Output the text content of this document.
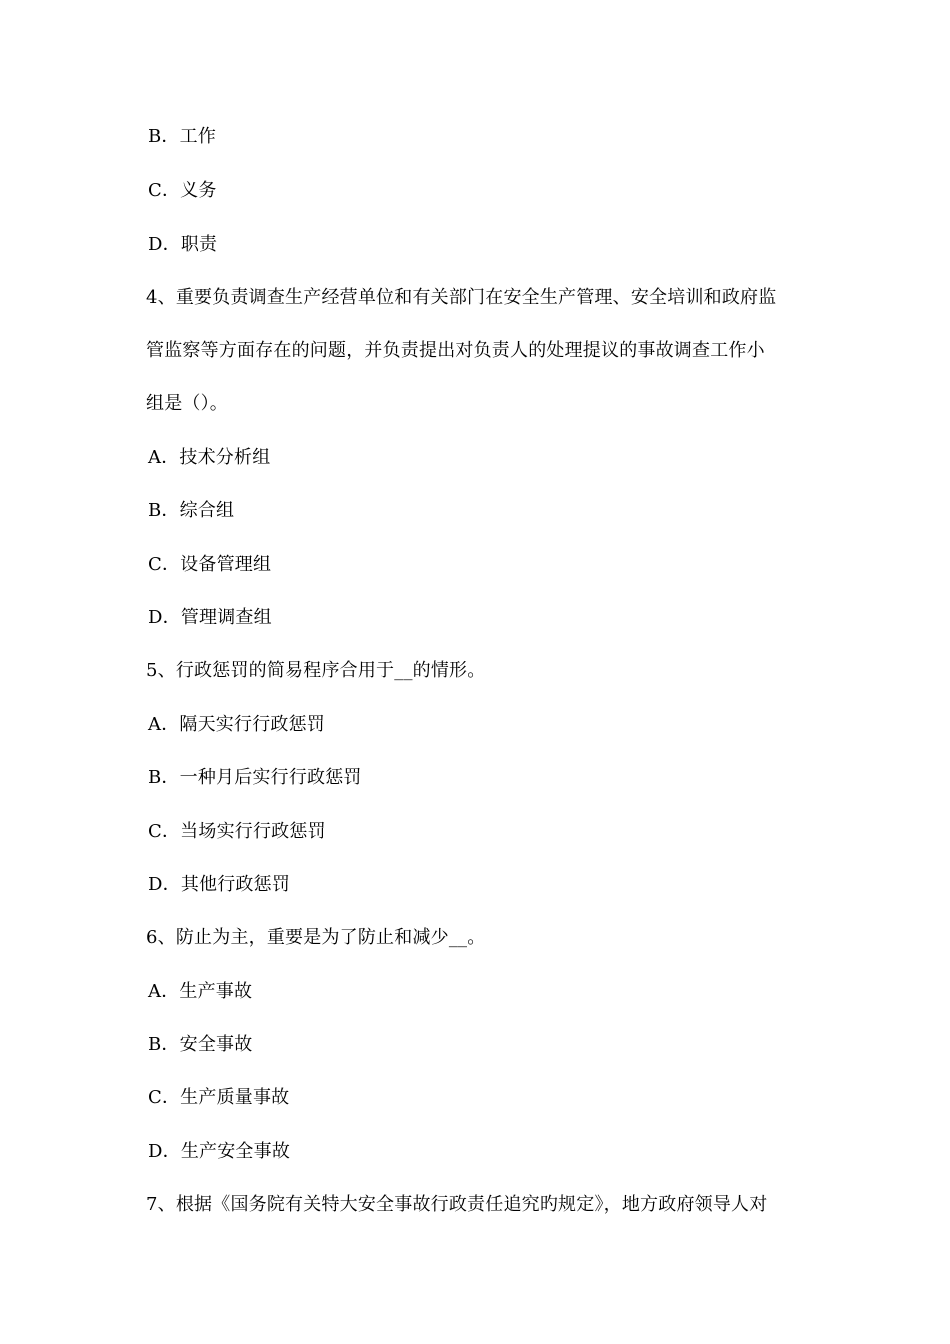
B．工作
C．义务
D．职责
4、重要负责调查生产经营单位和有关部门在安全生产管理、安全培训和政府监
管监察等方面存在的问题，并负责提出对负责人的处理提议的事故调查工作小
组是（）。
A．技术分析组
B．综合组
C．设备管理组
D．管理调查组
5、行政惩罚的简易程序合用于__的情形。
A．隔天实行行政惩罚
B．一种月后实行行政惩罚
C．当场实行行政惩罚
D．其他行政惩罚
6、防止为主，重要是为了防止和减少__。
A．生产事故
B．安全事故
C．生产质量事故
D．生产安全事故
7、根据《国务院有关特大安全事故行政责任追究旳规定》，地方政府领导人对
